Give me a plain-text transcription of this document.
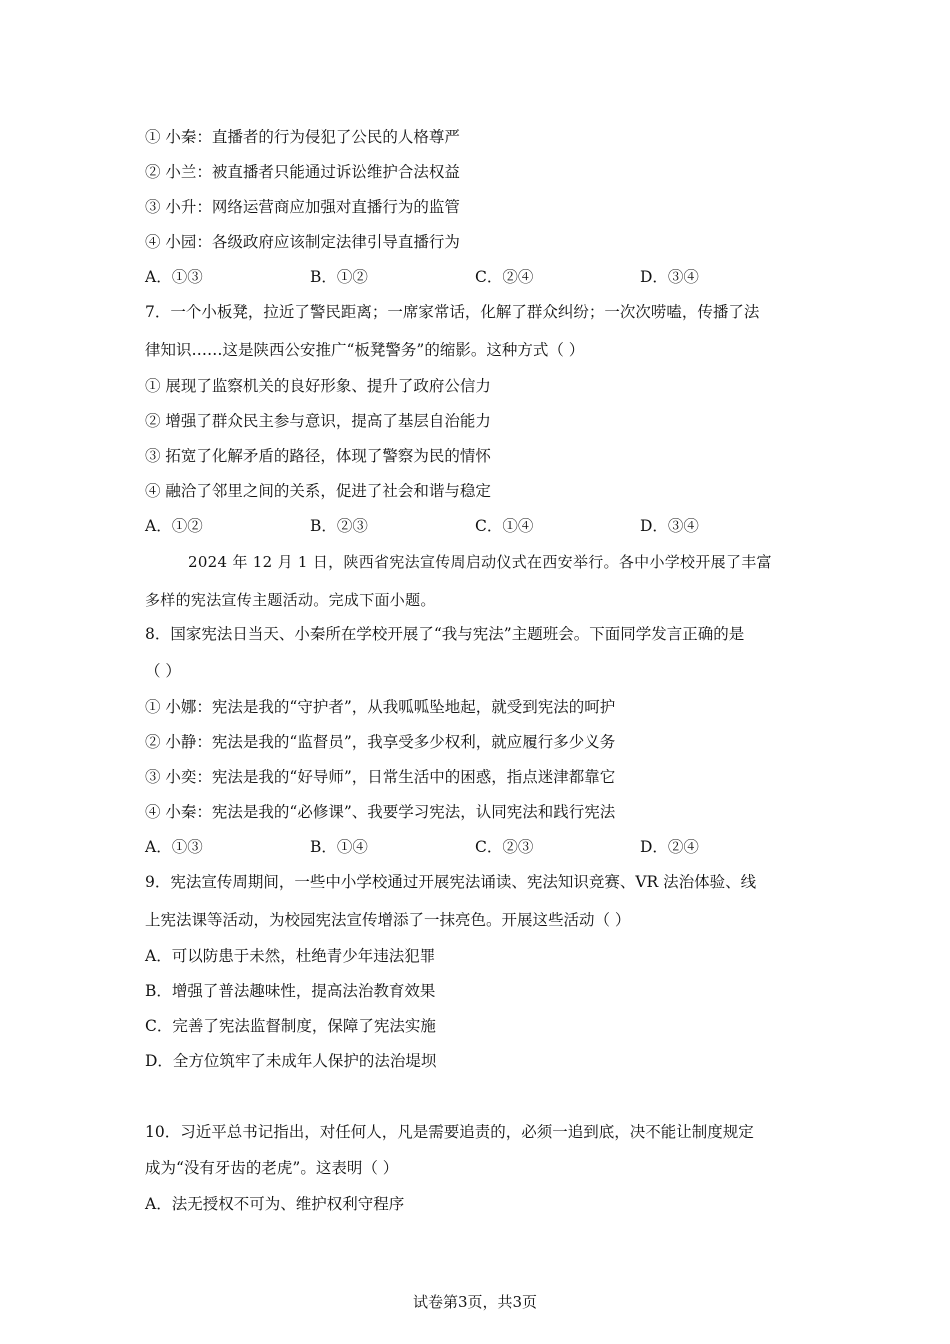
① 小秦：直播者的行为侵犯了公民的人格尊严
② 小兰：被直播者只能通过诉讼维护合法权益
③ 小升：网络运营商应加强对直播行为的监管
④ 小园：各级政府应该制定法律引导直播行为
A．①③	B．①②	C．②④	D．③④
7．一个小板凳，拉近了警民距离；一席家常话，化解了群众纠纷；一次次唠嗑，传播了法
律知识……这是陕西公安推广“板凳警务”的缩影。这种方式（ ）
① 展现了监察机关的良好形象、提升了政府公信力
② 增强了群众民主参与意识，提高了基层自治能力
③ 拓宽了化解矛盾的路径，体现了警察为民的情怀
④ 融洽了邻里之间的关系，促进了社会和谐与稳定
A．①②	B．②③	C．①④	D．③④
2024 年 12 月 1 日，陕西省宪法宣传周启动仪式在西安举行。各中小学校开展了丰富
多样的宪法宣传主题活动。完成下面小题。
8．国家宪法日当天、小秦所在学校开展了“我与宪法”主题班会。下面同学发言正确的是
（ ）
① 小娜：宪法是我的“守护者”，从我呱呱坠地起，就受到宪法的呵护
② 小静：宪法是我的“监督员”，我享受多少权利，就应履行多少义务
③ 小奕：宪法是我的“好导师”，日常生活中的困惑，指点迷津都靠它
④ 小秦：宪法是我的“必修课”、我要学习宪法，认同宪法和践行宪法
A．①③	B．①④	C．②③	D．②④
9．宪法宣传周期间，一些中小学校通过开展宪法诵读、宪法知识竞赛、VR 法治体验、线
上宪法课等活动，为校园宪法宣传增添了一抹亮色。开展这些活动（ ）
A．可以防患于未然，杜绝青少年违法犯罪
B．增强了普法趣味性，提高法治教育效果
C．完善了宪法监督制度，保障了宪法实施
D．全方位筑牢了未成年人保护的法治堤坝
10．习近平总书记指出，对任何人，凡是需要追责的，必须一追到底，决不能让制度规定
成为“没有牙齿的老虎”。这表明（ ）
A．法无授权不可为、维护权利守程序
试卷第3页，共3页
